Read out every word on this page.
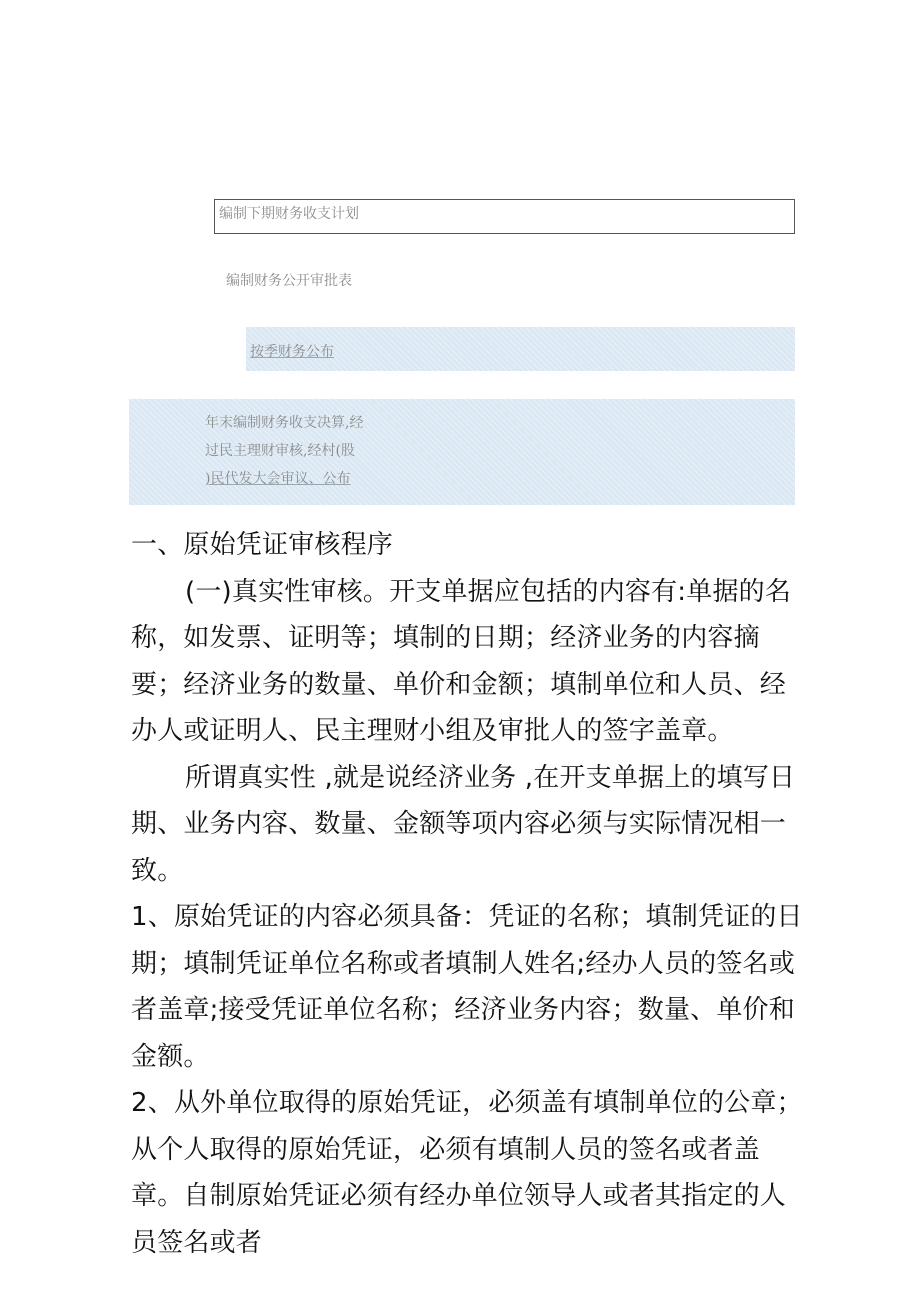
编制下期财务收支计划
编制财务公开审批表
按季财务公布
年末编制财务收支决算,经
过民主理财审核,经村(股
)民代发大会审议、公布

一、原始凭证审核程序

(一)真实性审核。开支单据应包括的内容有:单据的名称，如发票、证明等；填制的日期；经济业务的内容摘要；经济业务的数量、单价和金额；填制单位和人员、经办人或证明人、民主理财小组及审批人的签字盖章。

所谓真实性 ,就是说经济业务 ,在开支单据上的填写日期、业务内容、数量、金额等项内容必须与实际情况相一致。

1、原始凭证的内容必须具备：凭证的名称；填制凭证的日期；填制凭证单位名称或者填制人姓名;经办人员的签名或者盖章;接受凭证单位名称；经济业务内容；数量、单价和金额。

2、从外单位取得的原始凭证，必须盖有填制单位的公章；从个人取得的原始凭证，必须有填制人员的签名或者盖章。自制原始凭证必须有经办单位领导人或者其指定的人员签名或者
